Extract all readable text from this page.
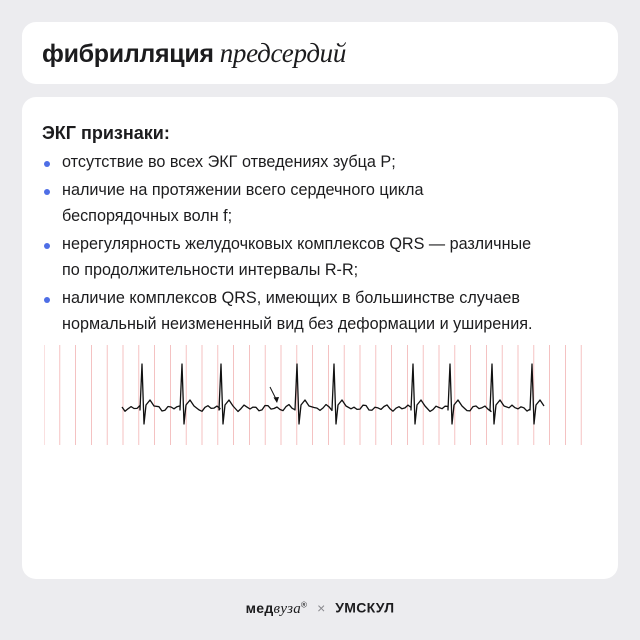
фибрилляция предсердий
ЭКГ признаки:
отсутствие во всех ЭКГ отведениях зубца P;
наличие на протяжении всего сердечного цикла
беспорядочных волн f;
нерегулярность желудочковых комплексов QRS — различные
по продолжительности интервалы R-R;
наличие комплексов QRS, имеющих в большинстве случаев
нормальный неизмененный вид без деформации и уширения.
медвуза® × УМСКУЛ
